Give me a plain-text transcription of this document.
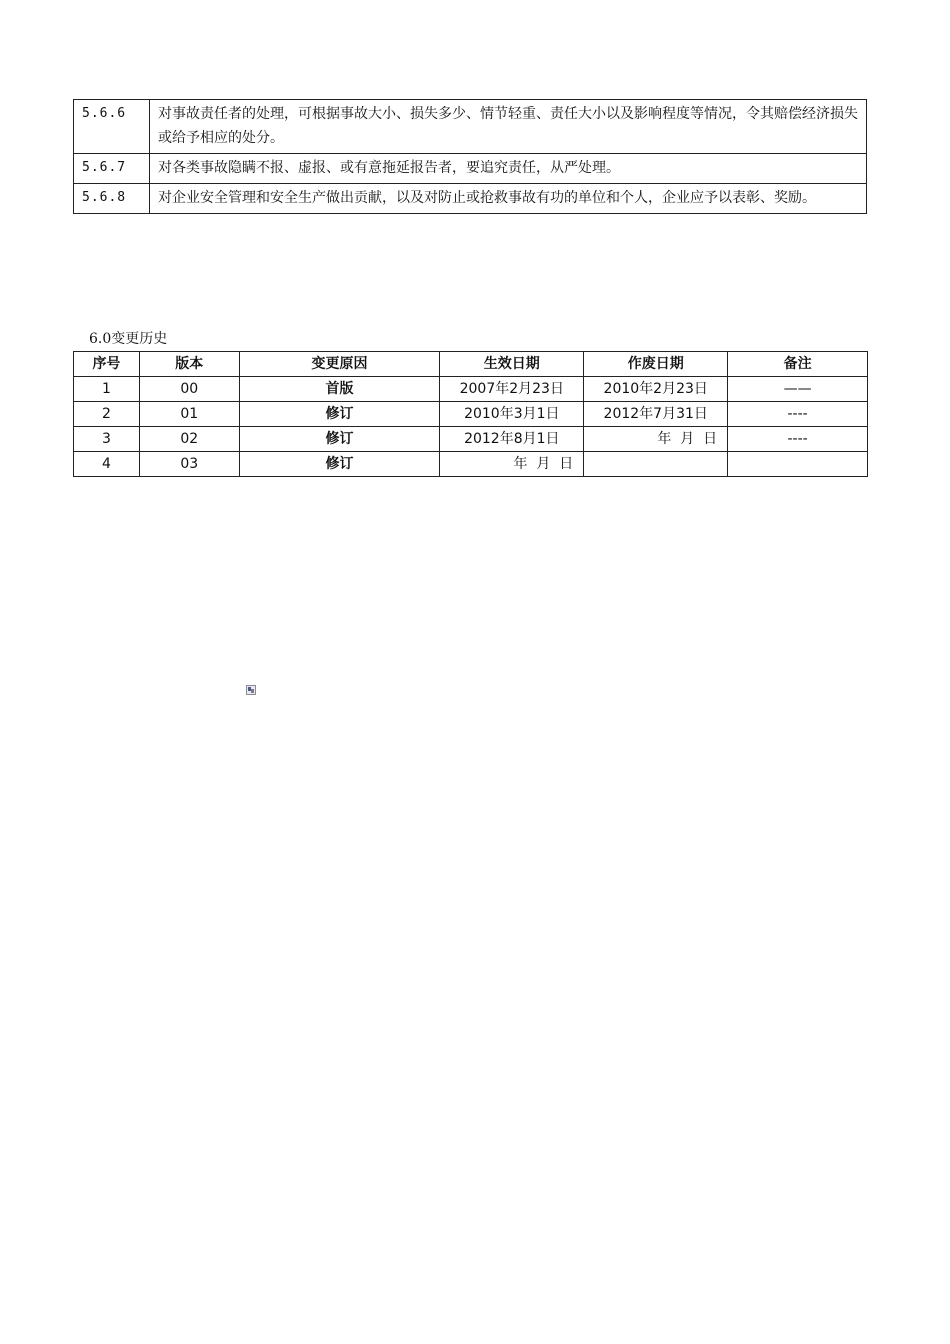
5.6.6	对事故责任者的处理，可根据事故大小、损失多少、情节轻重、责任大小以及影响程度等情况，令其赔偿经济损失或给予相应的处分。
5.6.7	对各类事故隐瞒不报、虚报、或有意拖延报告者，要追究责任，从严处理。
5.6.8	对企业安全管理和安全生产做出贡献，以及对防止或抢救事故有功的单位和个人，企业应予以表彰、奖励。
6.0变更历史
序号	版本	变更原因	生效日期	作废日期	备注
1	00	首版	2007年2月23日	2010年2月23日	——
2	01	修订	2010年3月1日	2012年7月31日	----
3	02	修订	2012年8月1日	年  月  日	----
4	03	修订	年  月  日		
